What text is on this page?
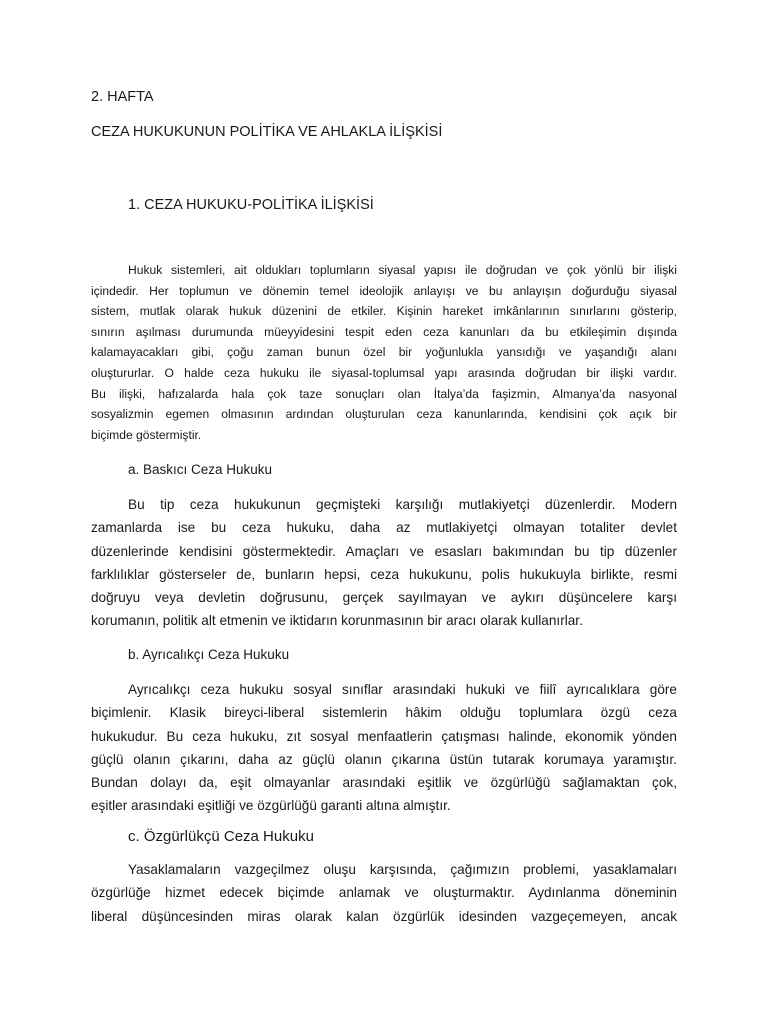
2. HAFTA

CEZA HUKUKUNUN POLİTİKA VE AHLAKLA İLİŞKİSİ

1. CEZA HUKUKU-POLİTİKA İLİŞKİSİ

Hukuk sistemleri, ait oldukları toplumların siyasal yapısı ile doğrudan ve çok yönlü bir ilişki
içindedir. Her toplumun ve dönemin temel ideolojik anlayışı ve bu anlayışın doğurduğu siyasal
sistem, mutlak olarak hukuk düzenini de etkiler. Kişinin hareket imkânlarının sınırlarını gösterip,
sınırın aşılması durumunda müeyyidesini tespit eden ceza kanunları da bu etkileşimin dışında
kalamayacakları gibi, çoğu zaman bunun özel bir yoğunlukla yansıdığı ve yaşandığı alanı
oluştururlar. O halde ceza hukuku ile siyasal-toplumsal yapı arasında doğrudan bir ilişki vardır.
Bu ilişki, hafızalarda hala çok taze sonuçları olan İtalya’da faşizmin, Almanya’da nasyonal
sosyalizmin egemen olmasının ardından oluşturulan ceza kanunlarında, kendisini çok açık bir
biçimde göstermiştir.

a. Baskıcı Ceza Hukuku

Bu tip ceza hukukunun geçmişteki karşılığı mutlakiyetçi düzenlerdir. Modern
zamanlarda ise bu ceza hukuku, daha az mutlakiyetçi olmayan totaliter devlet
düzenlerinde kendisini göstermektedir. Amaçları ve esasları bakımından bu tip düzenler
farklılıklar gösterseler de, bunların hepsi, ceza hukukunu, polis hukukuyla birlikte, resmi
doğruyu veya devletin doğrusunu, gerçek sayılmayan ve aykırı düşüncelere karşı
korumanın, politik alt etmenin ve iktidarın korunmasının bir aracı olarak kullanırlar.

b. Ayrıcalıkçı Ceza Hukuku

Ayrıcalıkçı ceza hukuku sosyal sınıflar arasındaki hukuki ve fiilî ayrıcalıklara göre
biçimlenir. Klasik bireyci-liberal sistemlerin hâkim olduğu toplumlara özgü ceza
hukukudur. Bu ceza hukuku, zıt sosyal menfaatlerin çatışması halinde, ekonomik yönden
güçlü olanın çıkarını, daha az güçlü olanın çıkarına üstün tutarak korumaya yaramıştır.
Bundan dolayı da, eşit olmayanlar arasındaki eşitlik ve özgürlüğü sağlamaktan çok,
eşitler arasındaki eşitliği ve özgürlüğü garanti altına almıştır.

c. Özgürlükçü Ceza Hukuku

Yasaklamaların vazgeçilmez oluşu karşısında, çağımızın problemi, yasaklamaları
özgürlüğe hizmet edecek biçimde anlamak ve oluşturmaktır. Aydınlanma döneminin
liberal düşüncesinden miras olarak kalan özgürlük idesinden vazgeçemeyen, ancak
